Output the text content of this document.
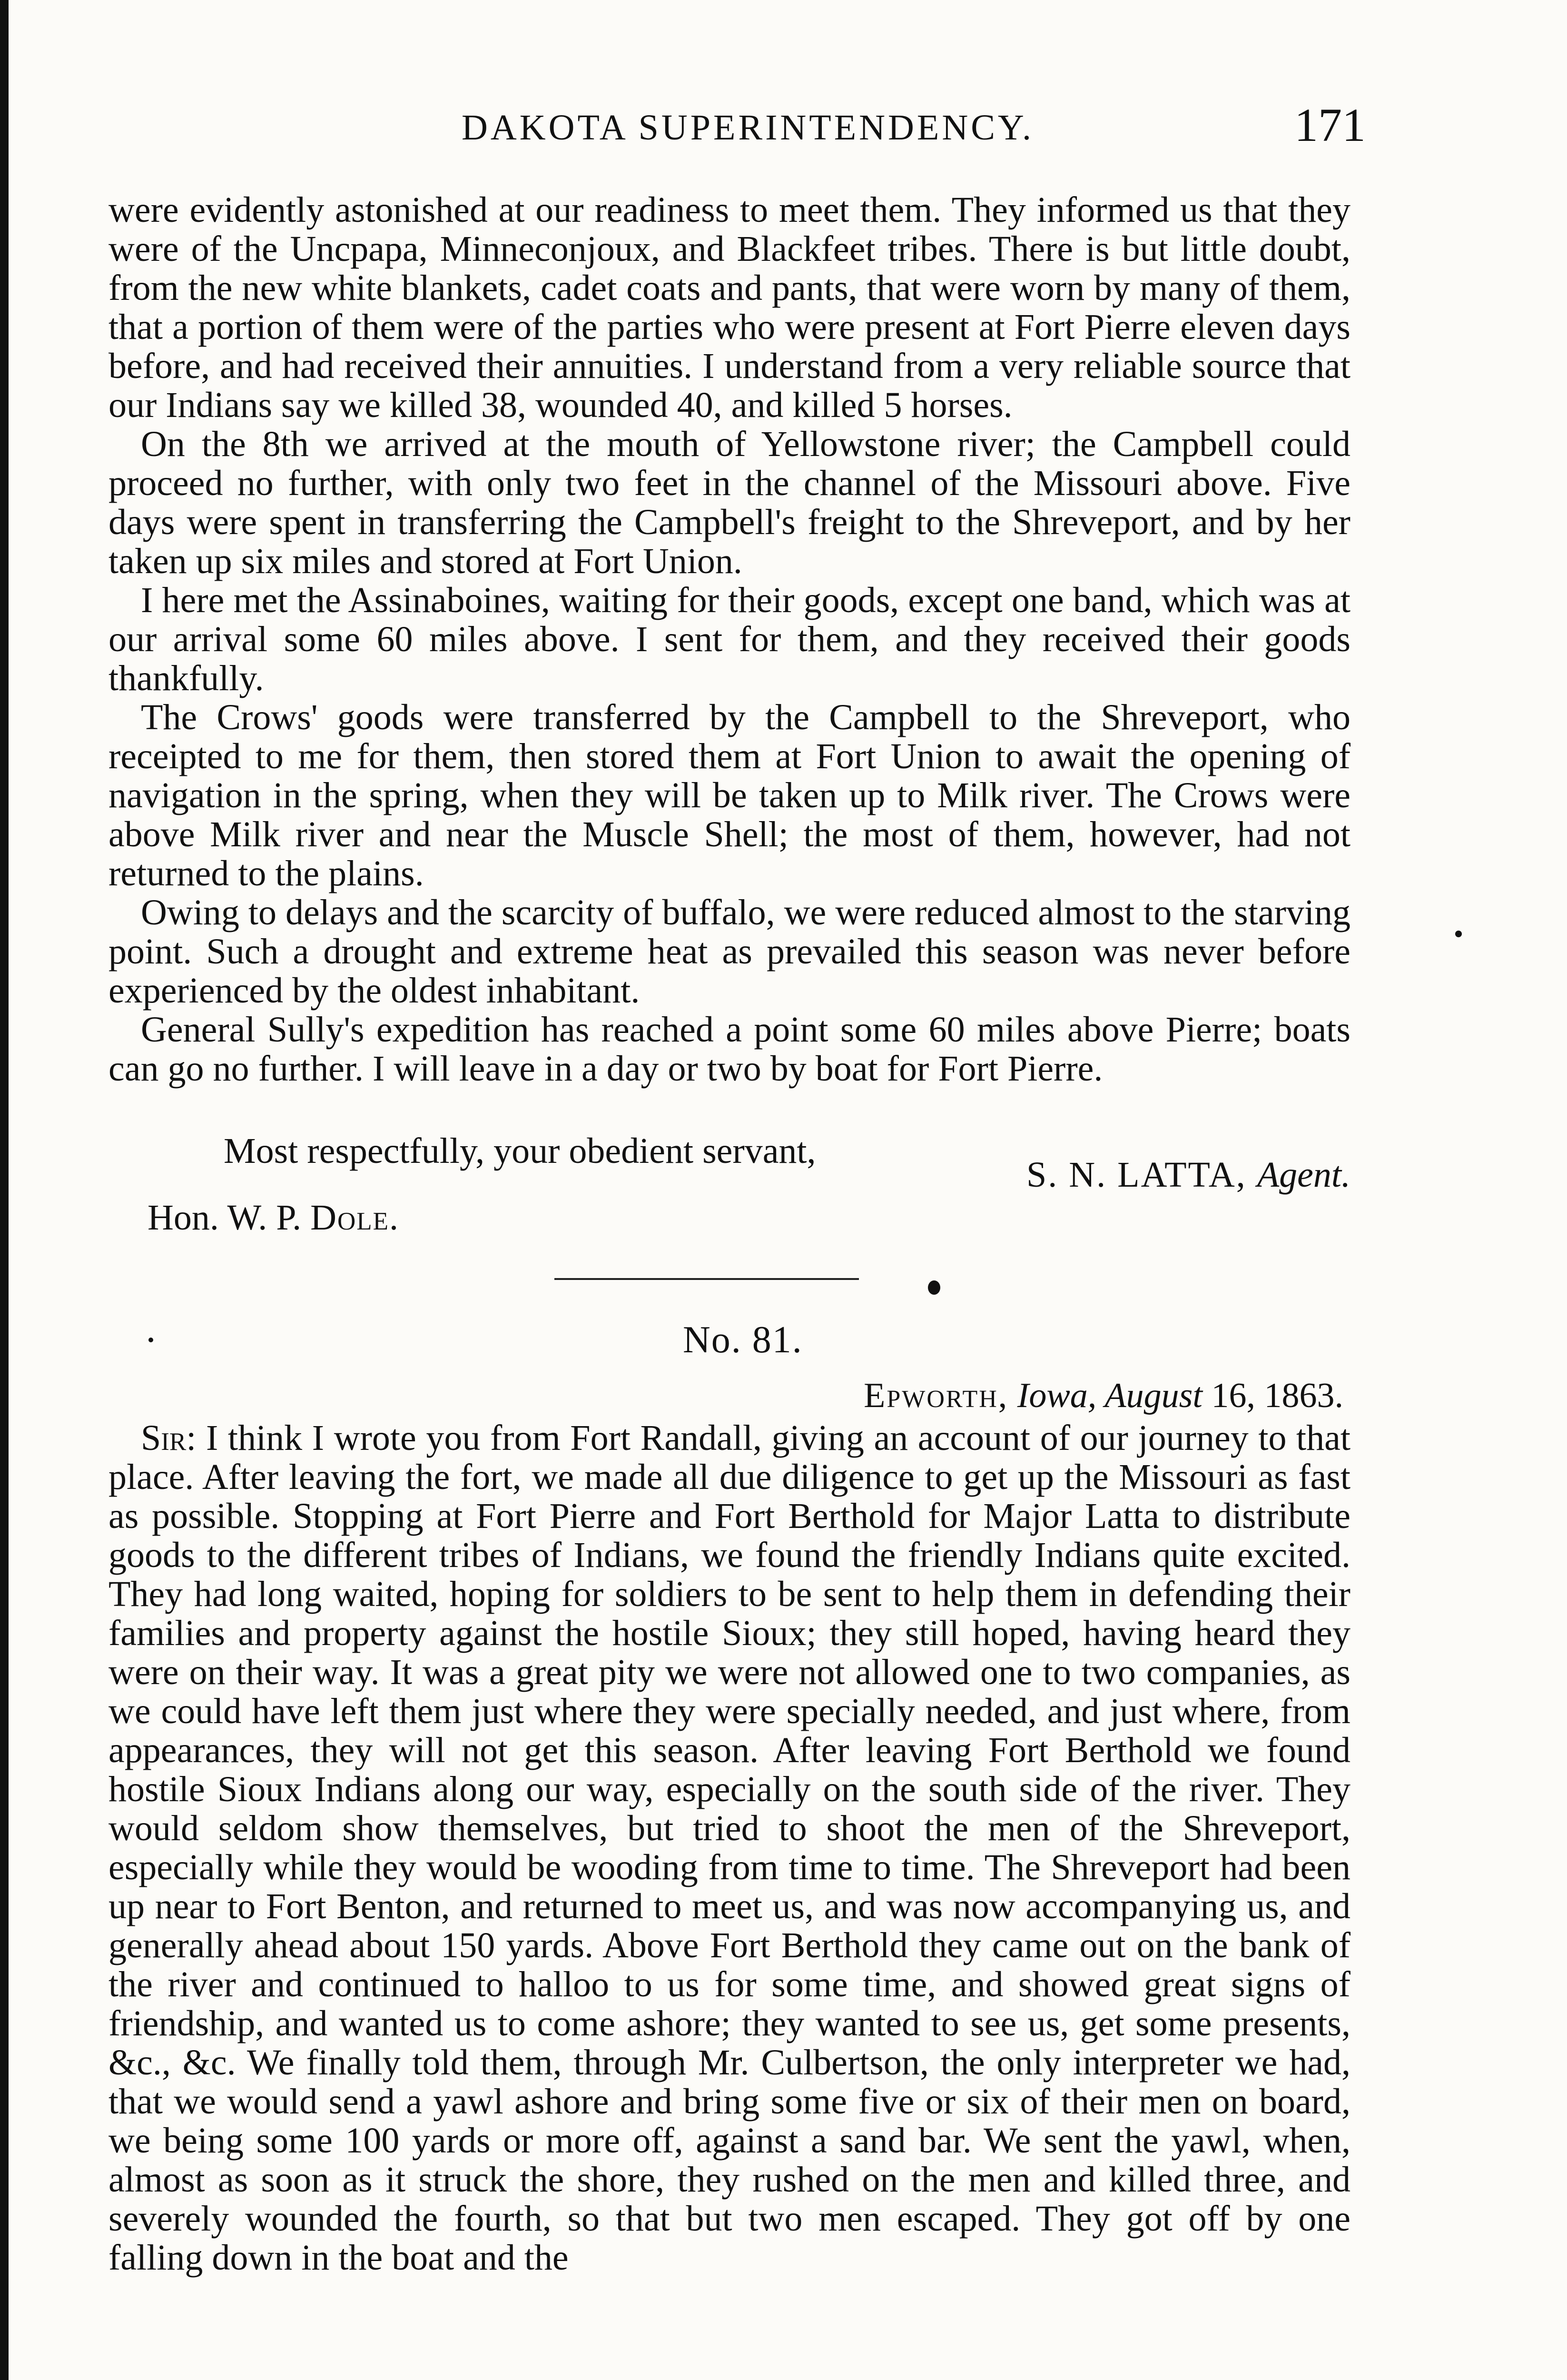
DAKOTA SUPERINTENDENCY.	171

were evidently astonished at our readiness to meet them. They informed us that they were of the Uncpapa, Minneconjoux, and Blackfeet tribes. There is but little doubt, from the new white blankets, cadet coats and pants, that were worn by many of them, that a portion of them were of the parties who were present at Fort Pierre eleven days before, and had received their annuities. I understand from a very reliable source that our Indians say we killed 38, wounded 40, and killed 5 horses.

On the 8th we arrived at the mouth of Yellowstone river; the Campbell could proceed no further, with only two feet in the channel of the Missouri above. Five days were spent in transferring the Campbell's freight to the Shreveport, and by her taken up six miles and stored at Fort Union.

I here met the Assinaboines, waiting for their goods, except one band, which was at our arrival some 60 miles above. I sent for them, and they received their goods thankfully.

The Crows' goods were transferred by the Campbell to the Shreveport, who receipted to me for them, then stored them at Fort Union to await the opening of navigation in the spring, when they will be taken up to Milk river. The Crows were above Milk river and near the Muscle Shell; the most of them, however, had not returned to the plains.

Owing to delays and the scarcity of buffalo, we were reduced almost to the starving point. Such a drought and extreme heat as prevailed this season was never before experienced by the oldest inhabitant.

General Sully's expedition has reached a point some 60 miles above Pierre; boats can go no further. I will leave in a day or two by boat for Fort Pierre.

Most respectfully, your obedient servant,
S. N. LATTA, Agent.
Hon. W. P. Dole.
No. 81.
Epworth, Iowa, August 16, 1863.

Sir: I think I wrote you from Fort Randall, giving an account of our journey to that place. After leaving the fort, we made all due diligence to get up the Missouri as fast as possible. Stopping at Fort Pierre and Fort Berthold for Major Latta to distribute goods to the different tribes of Indians, we found the friendly Indians quite excited. They had long waited, hoping for soldiers to be sent to help them in defending their families and property against the hostile Sioux; they still hoped, having heard they were on their way. It was a great pity we were not allowed one to two companies, as we could have left them just where they were specially needed, and just where, from appearances, they will not get this season. After leaving Fort Berthold we found hostile Sioux Indians along our way, especially on the south side of the river. They would seldom show themselves, but tried to shoot the men of the Shreveport, especially while they would be wooding from time to time. The Shreveport had been up near to Fort Benton, and returned to meet us, and was now accompanying us, and generally ahead about 150 yards. Above Fort Berthold they came out on the bank of the river and continued to halloo to us for some time, and showed great signs of friendship, and wanted us to come ashore; they wanted to see us, get some presents, &c., &c. We finally told them, through Mr. Culbertson, the only interpreter we had, that we would send a yawl ashore and bring some five or six of their men on board, we being some 100 yards or more off, against a sand bar. We sent the yawl, when, almost as soon as it struck the shore, they rushed on the men and killed three, and severely wounded the fourth, so that but two men escaped. They got off by one falling down in the boat and the
